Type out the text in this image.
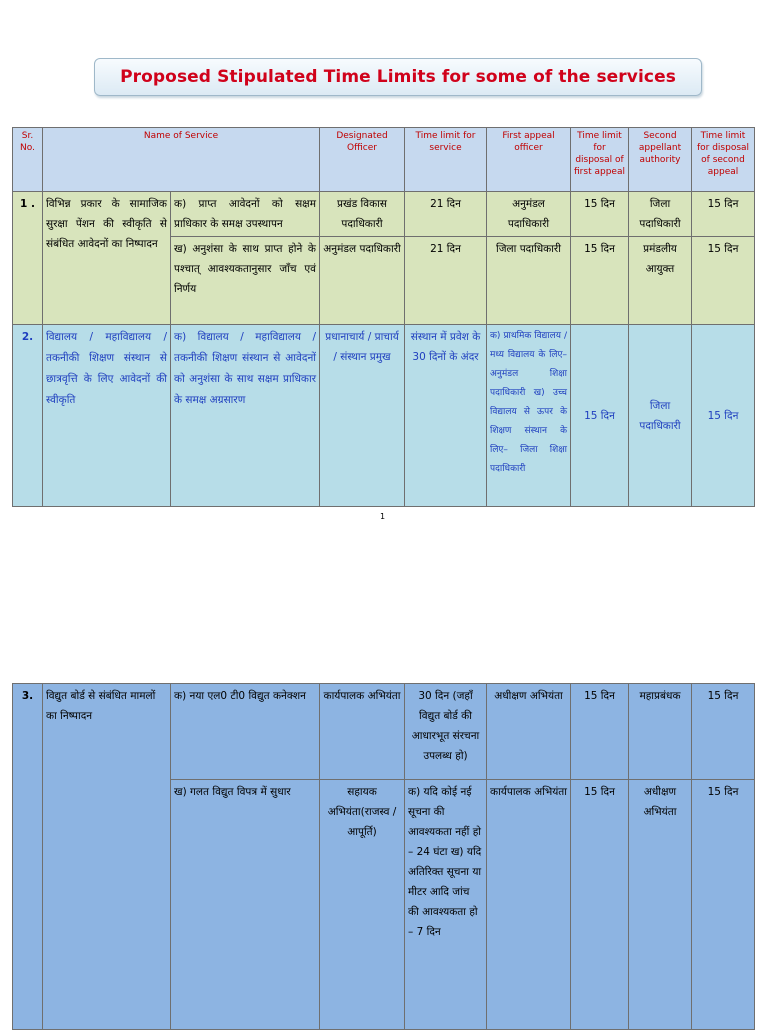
Proposed Stipulated Time Limits for some of the services
Sr. No.	Name of Service		Designated Officer	Time limit for service	First appeal officer	Time limit for disposal of first appeal	Second appellant authority	Time limit for disposal of second appeal
1 .	विभिन्न प्रकार के सामाजिक सुरक्षा पेंशन की स्वीकृति से संबंधित आवेदनों का निष्पादन	क) प्राप्त आवेदनों को सक्षम प्राधिकार के समक्ष उपस्थापन	प्रखंड विकास पदाधिकारी	21 दिन	अनुमंडल पदाधिकारी	15 दिन	जिला पदाधिकारी	15 दिन
		ख) अनुशंसा के साथ प्राप्त होने के पश्चात् आवश्यकतानुसार जाँच एवं निर्णय	अनुमंडल पदाधिकारी	21 दिन	जिला पदाधिकारी	15 दिन	प्रमंडलीय आयुक्त	15 दिन
2.	विद्यालय / महाविद्यालय / तकनीकी शिक्षण संस्थान से छात्रवृत्ति के लिए आवेदनों की स्वीकृति	क) विद्यालय / महाविद्यालय / तकनीकी शिक्षण संस्थान से आवेदनों को अनुशंसा के साथ सक्षम प्राधिकार के समक्ष अग्रसारण	प्रधानाचार्य / प्राचार्य / संस्थान प्रमुख	संस्थान में प्रवेश के 30 दिनों के अंदर	क) प्राथमिक विद्यालय / मध्य विद्यालय के लिए– अनुमंडल शिक्षा पदाधिकारी ख) उच्च विद्यालय से ऊपर के शिक्षण संस्थान के लिए– जिला शिक्षा पदाधिकारी	15 दिन	जिला पदाधिकारी	15 दिन
1
3.	विद्युत बोर्ड से संबंधित मामलों का निष्पादन	क) नया एल0 टी0 विद्युत कनेक्शन	कार्यपालक अभियंता	30 दिन (जहाँ विद्युत बोर्ड की आधारभूत संरचना उपलब्ध हो)	अधीक्षण अभियंता	15 दिन	महाप्रबंधक	15 दिन
		ख) गलत विद्युत विपत्र में सुधार	सहायक अभियंता(राजस्व / आपूर्ति)	क) यदि कोई नई सूचना की आवश्यकता नहीं हो – 24 घंटा ख) यदि अतिरिक्त सूचना या मीटर आदि जांच की आवश्यकता हो – 7 दिन	कार्यपालक अभियंता	15 दिन	अधीक्षण अभियंता	15 दिन
